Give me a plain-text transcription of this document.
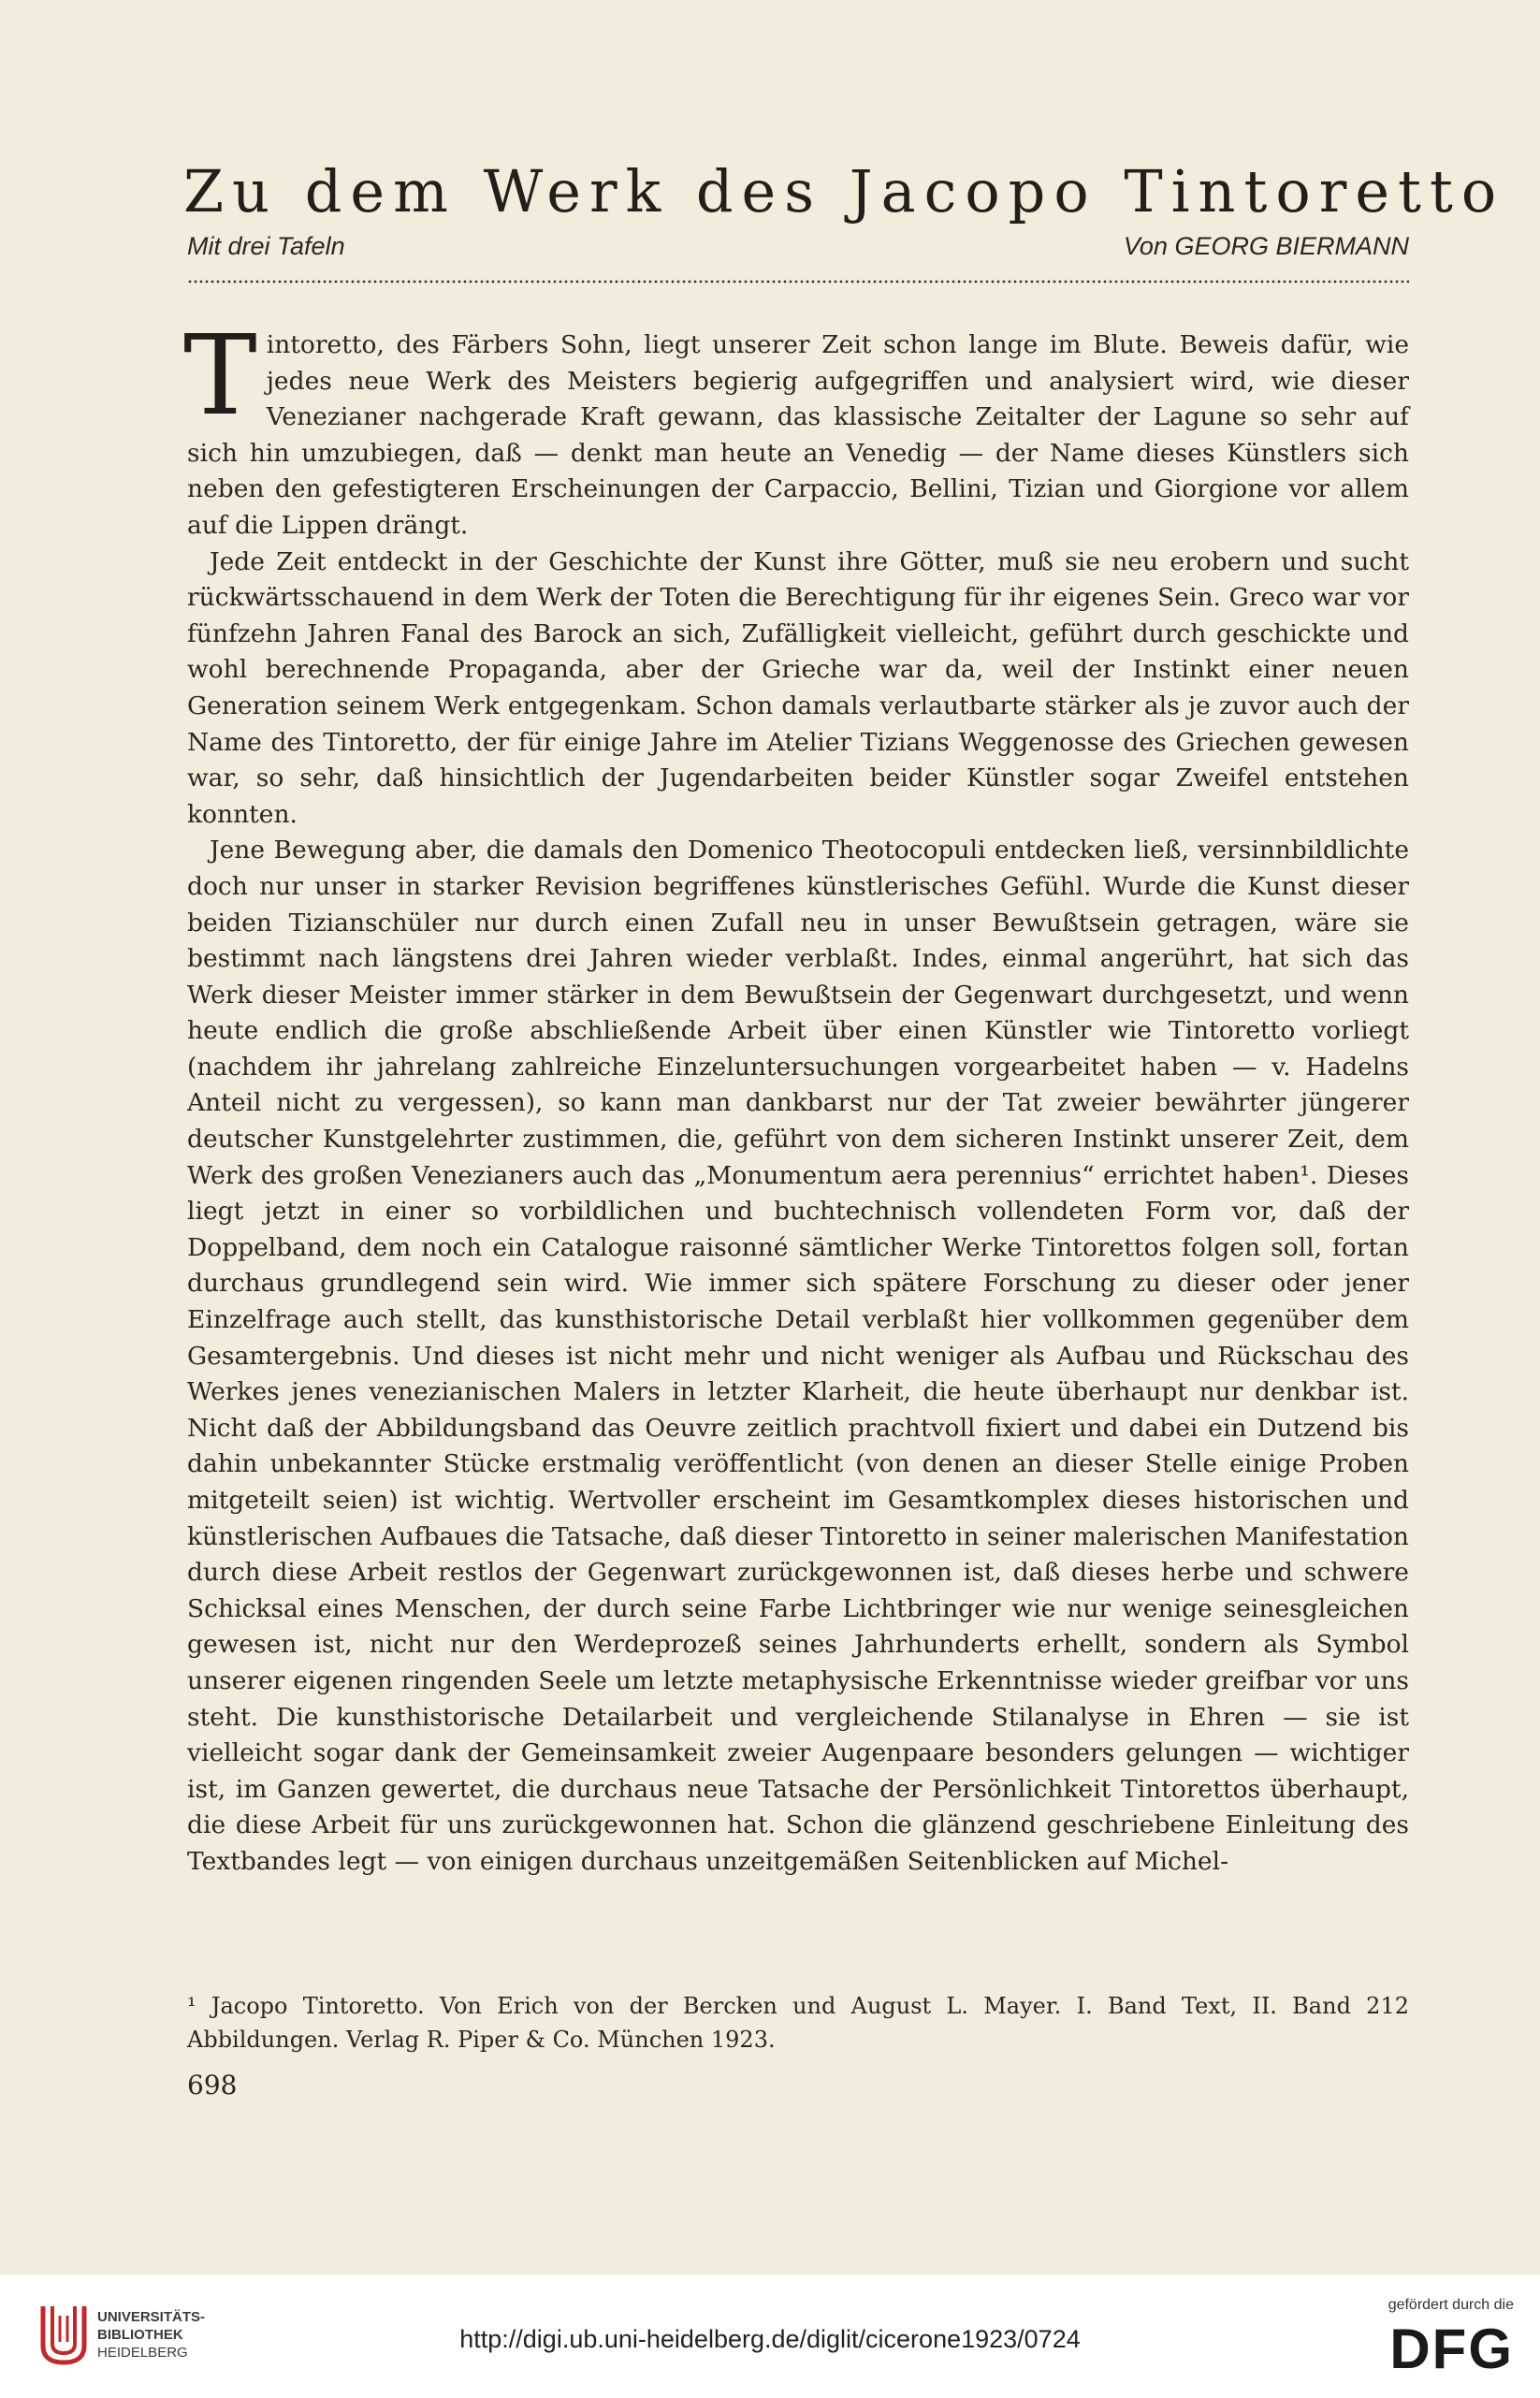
Zu dem Werk des Jacopo Tintoretto
Mit drei Tafeln	Von GEORG BIERMANN

Tintoretto, des Färbers Sohn, liegt unserer Zeit schon lange im Blute. Beweis dafür, wie jedes neue Werk des Meisters begierig aufgegriffen und analysiert wird, wie dieser Venezianer nachgerade Kraft gewann, das klassische Zeitalter der Lagune so sehr auf sich hin umzubiegen, daß — denkt man heute an Venedig — der Name dieses Künstlers sich neben den gefestigteren Erscheinungen der Carpaccio, Bellini, Tizian und Giorgione vor allem auf die Lippen drängt.

Jede Zeit entdeckt in der Geschichte der Kunst ihre Götter, muß sie neu erobern und sucht rückwärtsschauend in dem Werk der Toten die Berechtigung für ihr eigenes Sein. Greco war vor fünfzehn Jahren Fanal des Barock an sich, Zufälligkeit vielleicht, geführt durch geschickte und wohl berechnende Propaganda, aber der Grieche war da, weil der Instinkt einer neuen Generation seinem Werk entgegenkam. Schon damals verlautbarte stärker als je zuvor auch der Name des Tintoretto, der für einige Jahre im Atelier Tizians Weggenosse des Griechen gewesen war, so sehr, daß hinsichtlich der Jugendarbeiten beider Künstler sogar Zweifel entstehen konnten.

Jene Bewegung aber, die damals den Domenico Theotocopuli entdecken ließ, versinnbildlichte doch nur unser in starker Revision begriffenes künstlerisches Gefühl. Wurde die Kunst dieser beiden Tizianschüler nur durch einen Zufall neu in unser Bewußtsein getragen, wäre sie bestimmt nach längstens drei Jahren wieder verblaßt. Indes, einmal angerührt, hat sich das Werk dieser Meister immer stärker in dem Bewußtsein der Gegenwart durchgesetzt, und wenn heute endlich die große abschließende Arbeit über einen Künstler wie Tintoretto vorliegt (nachdem ihr jahrelang zahlreiche Einzeluntersuchungen vorgearbeitet haben — v. Hadelns Anteil nicht zu vergessen), so kann man dankbarst nur der Tat zweier bewährter jüngerer deutscher Kunstgelehrter zustimmen, die, geführt von dem sicheren Instinkt unserer Zeit, dem Werk des großen Venezianers auch das „Monumentum aera perennius“ errichtet haben¹. Dieses liegt jetzt in einer so vorbildlichen und buchtechnisch vollendeten Form vor, daß der Doppelband, dem noch ein Catalogue raisonné sämtlicher Werke Tintorettos folgen soll, fortan durchaus grundlegend sein wird. Wie immer sich spätere Forschung zu dieser oder jener Einzelfrage auch stellt, das kunsthistorische Detail verblaßt hier vollkommen gegenüber dem Gesamtergebnis. Und dieses ist nicht mehr und nicht weniger als Aufbau und Rückschau des Werkes jenes venezianischen Malers in letzter Klarheit, die heute überhaupt nur denkbar ist. Nicht daß der Abbildungsband das Oeuvre zeitlich prachtvoll fixiert und dabei ein Dutzend bis dahin unbekannter Stücke erstmalig veröffentlicht (von denen an dieser Stelle einige Proben mitgeteilt seien) ist wichtig. Wertvoller erscheint im Gesamtkomplex dieses historischen und künstlerischen Aufbaues die Tatsache, daß dieser Tintoretto in seiner malerischen Manifestation durch diese Arbeit restlos der Gegenwart zurückgewonnen ist, daß dieses herbe und schwere Schicksal eines Menschen, der durch seine Farbe Lichtbringer wie nur wenige seinesgleichen gewesen ist, nicht nur den Werdeprozeß seines Jahrhunderts erhellt, sondern als Symbol unserer eigenen ringenden Seele um letzte metaphysische Erkenntnisse wieder greifbar vor uns steht. Die kunsthistorische Detailarbeit und vergleichende Stilanalyse in Ehren — sie ist vielleicht sogar dank der Gemeinsamkeit zweier Augenpaare besonders gelungen — wichtiger ist, im Ganzen gewertet, die durchaus neue Tatsache der Persönlichkeit Tintorettos überhaupt, die diese Arbeit für uns zurückgewonnen hat. Schon die glänzend geschriebene Einleitung des Textbandes legt — von einigen durchaus unzeitgemäßen Seitenblicken auf Michel-

¹ Jacopo Tintoretto. Von Erich von der Bercken und August L. Mayer. I. Band Text, II. Band 212 Abbildungen. Verlag R. Piper & Co. München 1923.
698
UNIVERSITÄTS-
BIBLIOTHEK
HEIDELBERG	http://digi.ub.uni-heidelberg.de/diglit/cicerone1923/0724
gefördert durch die
DFG
